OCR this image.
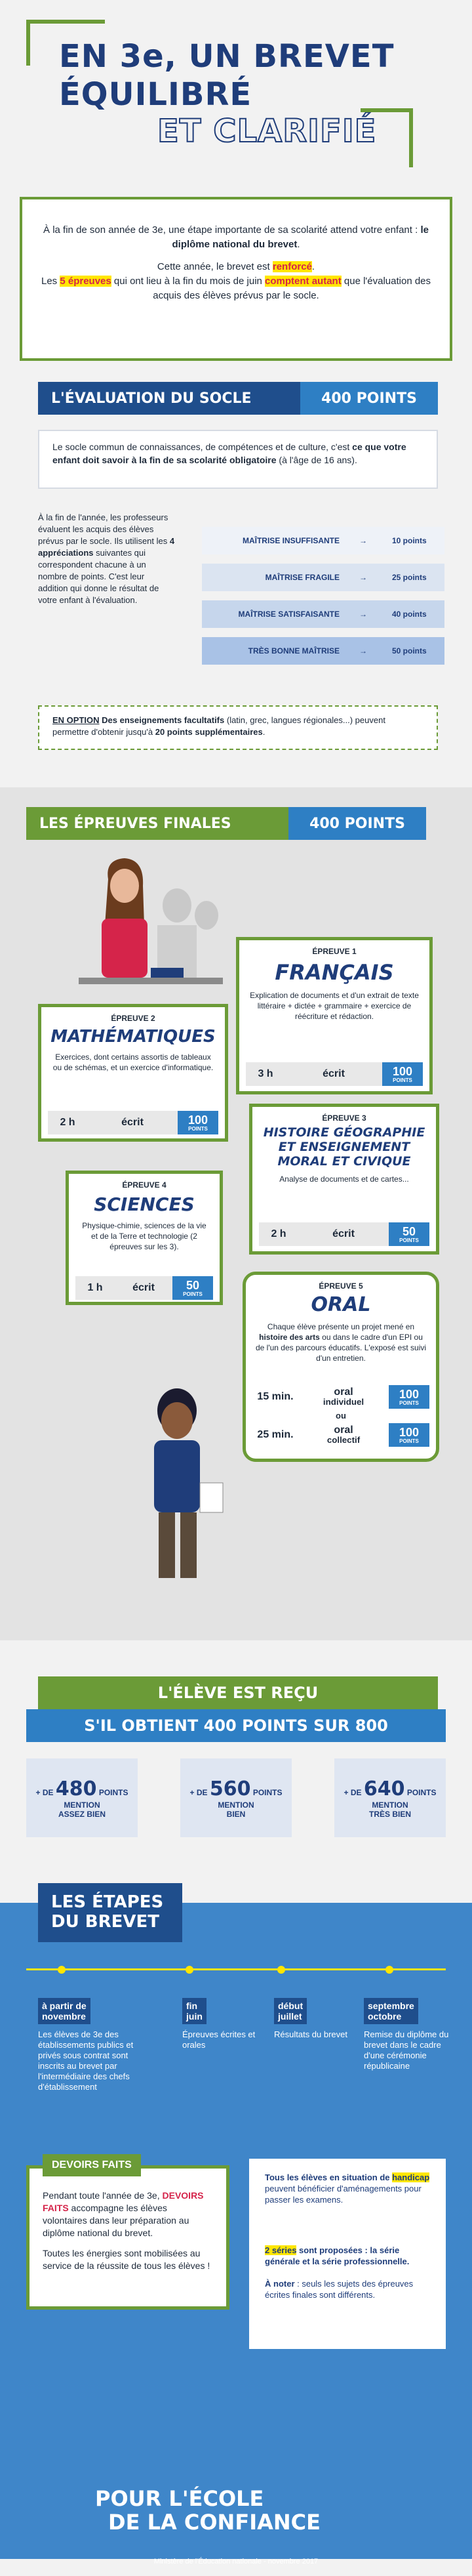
EN 3e, UN BREVET
ÉQUILIBRÉ
ET CLARIFIÉ

À la fin de son année de 3e, une étape importante de sa scolarité attend votre enfant : le diplôme national du brevet.

Cette année, le brevet est renforcé.
Les 5 épreuves qui ont lieu à la fin du mois de juin comptent autant que l'évaluation des acquis des élèves prévus par le socle.

L'ÉVALUATION DU SOCLE	400 POINTS
Le socle commun de connaissances, de compétences et de culture, c'est ce que votre enfant doit savoir à la fin de sa scolarité obligatoire (à l'âge de 16 ans).
À la fin de l'année, les professeurs évaluent les acquis des élèves prévus par le socle. Ils utilisent les 4 appréciations suivantes qui correspondent chacune à un nombre de points. C'est leur addition qui donne le résultat de votre enfant à l'évaluation.
MAÎTRISE INSUFFISANTE	→	10 points
MAÎTRISE FRAGILE	→	25 points
MAÎTRISE SATISFAISANTE	→	40 points
TRÈS BONNE MAÎTRISE	→	50 points
EN OPTION Des enseignements facultatifs (latin, grec, langues régionales...) peuvent permettre d'obtenir jusqu'à 20 points supplémentaires.
LES ÉPREUVES FINALES	400 POINTS
ÉPREUVE 1
FRANÇAIS
Explication de documents et d'un extrait de texte littéraire + dictée + grammaire + exercice de réécriture et rédaction.
3 h	écrit	100
POINTS
ÉPREUVE 2
MATHÉMATIQUES
Exercices, dont certains assortis de tableaux ou de schémas, et un exercice d'informatique.
2 h	écrit	100
POINTS
ÉPREUVE 3
HISTOIRE GÉOGRAPHIE ET ENSEIGNEMENT MORAL ET CIVIQUE
Analyse de documents et de cartes...
2 h	écrit	50
POINTS
ÉPREUVE 4
SCIENCES
Physique-chimie, sciences de la vie et de la Terre et technologie (2 épreuves sur les 3).
1 h	écrit	50
POINTS
ÉPREUVE 5
ORAL
Chaque élève présente un projet mené en histoire des arts ou dans le cadre d'un EPI ou de l'un des parcours éducatifs. L'exposé est suivi d'un entretien.
15 min.	oral
individuel
100
POINTS
ou
25 min.	oral
collectif
100
POINTS
L'ÉLÈVE EST REÇU
S'IL OBTIENT 400 POINTS SUR 800
+ DE 480 POINTS
MENTION
ASSEZ BIEN
+ DE 560 POINTS
MENTION
BIEN
+ DE 640 POINTS
MENTION
TRÈS BIEN
LES ÉTAPES
DU BREVET
à partir de
novembre
Les élèves de 3e des établissements publics et privés sous contrat sont inscrits au brevet par l'intermédiaire des chefs d'établissement
fin
juin
Épreuves écrites et orales
début
juillet
Résultats du brevet
septembre
octobre
Remise du diplôme du brevet dans le cadre d'une cérémonie républicaine
DEVOIRS FAITS
Pendant toute l'année de 3e, DEVOIRS FAITS accompagne les élèves volontaires dans leur préparation au diplôme national du brevet.

Toutes les énergies sont mobilisées au service de la réussite de tous les élèves !

Tous les élèves en situation de handicap peuvent bénéficier d'aménagements pour passer les examens.
2 séries sont proposées : la série générale et la série professionnelle.

À noter : seuls les sujets des épreuves écrites finales sont différents.
POUR L'ÉCOLE
DE LA CONFIANCE
Ministère de l'Éducation nationale - novembre 2017
